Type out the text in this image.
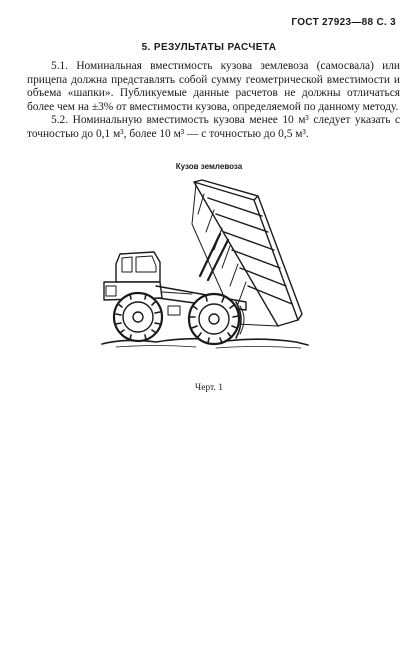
ГОСТ 27923—88 С. 3
5. РЕЗУЛЬТАТЫ РАСЧЕТА

5.1. Номинальная вместимость кузова землевоза (самосвала) или прицепа должна представлять собой сумму геометрической вместимости и объема «шапки». Публикуемые данные расчетов не должны отличаться более чем на ±3% от вместимости кузова, определяемой по данному методу.

5.2. Номинальную вместимость кузова менее 10 м³ следует указать с точностью до 0,1 м³, более 10 м³ — с точностью до 0,5 м³.

Кузов землевоза
Черт. 1
